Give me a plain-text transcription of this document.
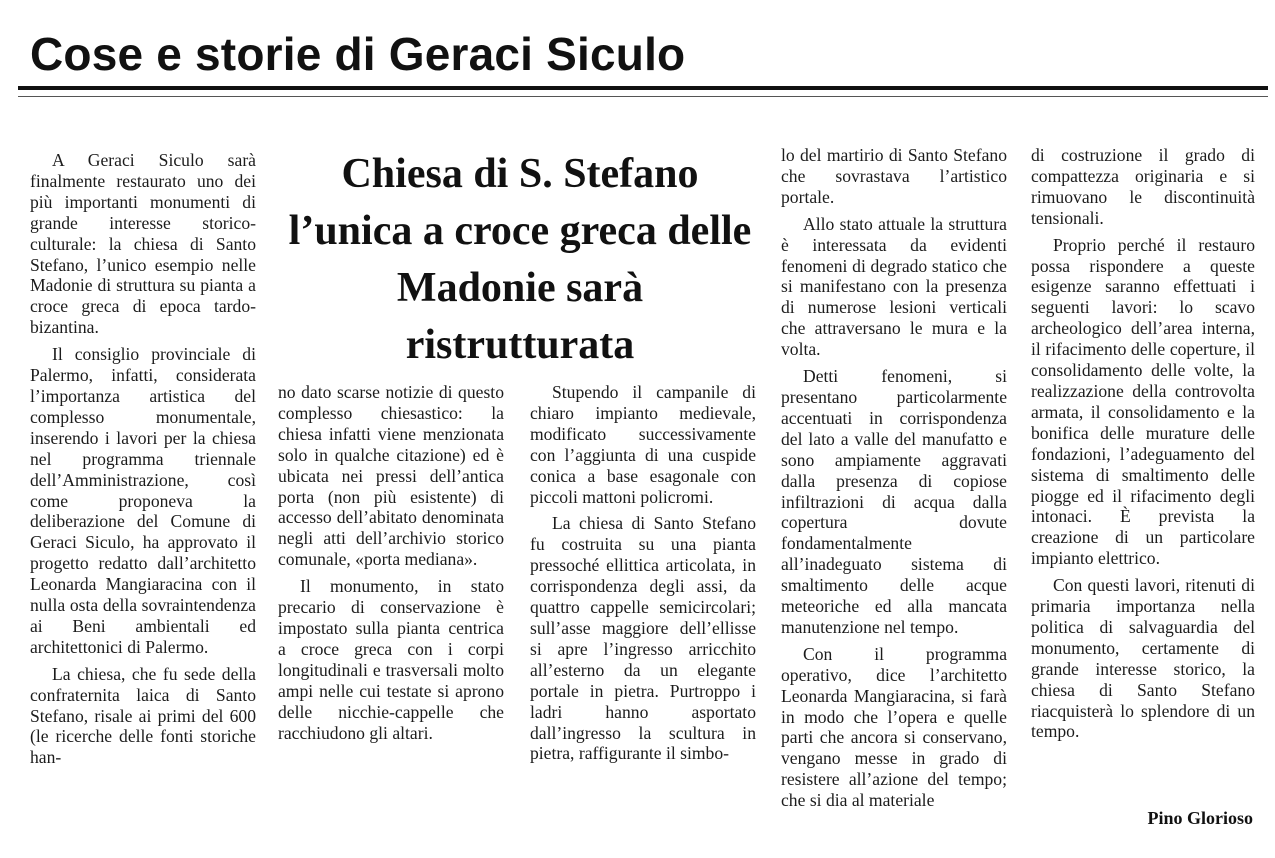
Cose e storie di Geraci Siculo
Chiesa di S. Stefano l’unica a croce greca delle Madonie sarà ristrutturata

A Geraci Siculo sarà finalmente restaurato uno dei più importanti monumenti di grande interesse storico-culturale: la chiesa di Santo Stefano, l’unico esempio nelle Madonie di struttura su pianta a croce greca di epoca tardo-bizantina.

Il consiglio provinciale di Palermo, infatti, considerata l’importanza artistica del complesso monumentale, inserendo i lavori per la chiesa nel programma triennale dell’Amministrazione, così come proponeva la deliberazione del Comune di Geraci Siculo, ha approvato il progetto redatto dall’architetto Leonarda Mangiaracina con il nulla osta della sovraintendenza ai Beni ambientali ed architettonici di Palermo.

La chiesa, che fu sede della confraternita laica di Santo Stefano, risale ai primi del 600 (le ricerche delle fonti storiche han-

no dato scarse notizie di questo complesso chiesastico: la chiesa infatti viene menzionata solo in qualche citazione) ed è ubicata nei pressi dell’antica porta (non più esistente) di accesso dell’abitato denominata negli atti dell’archivio storico comunale, «porta mediana».

Il monumento, in stato precario di conservazione è impostato sulla pianta centrica a croce greca con i corpi longitudinali e trasversali molto ampi nelle cui testate si aprono delle nicchie-cappelle che racchiudono gli altari.

Stupendo il campanile di chiaro impianto medievale, modificato successivamente con l’aggiunta di una cuspide conica a base esagonale con piccoli mattoni policromi.

La chiesa di Santo Stefano fu costruita su una pianta pressoché ellittica articolata, in corrispondenza degli assi, da quattro cappelle semicircolari; sull’asse maggiore dell’ellisse si apre l’ingresso arricchito all’esterno da un elegante portale in pietra. Purtroppo i ladri hanno asportato dall’ingresso la scultura in pietra, raffigurante il simbo-

lo del martirio di Santo Stefano che sovrastava l’artistico portale.

Allo stato attuale la struttura è interessata da evidenti fenomeni di degrado statico che si manifestano con la presenza di numerose lesioni verticali che attraversano le mura e la volta.

Detti fenomeni, si presentano particolarmente accentuati in corrispondenza del lato a valle del manufatto e sono ampiamente aggravati dalla presenza di copiose infiltrazioni di acqua dalla copertura dovute fondamentalmente all’inadeguato sistema di smaltimento delle acque meteoriche ed alla mancata manutenzione nel tempo.

Con il programma operativo, dice l’architetto Leonarda Mangiaracina, si farà in modo che l’opera e quelle parti che ancora si conservano, vengano messe in grado di resistere all’azione del tempo; che si dia al materiale

di costruzione il grado di compattezza originaria e si rimuovano le discontinuità tensionali.

Proprio perché il restauro possa rispondere a queste esigenze saranno effettuati i seguenti lavori: lo scavo archeologico dell’area interna, il rifacimento delle coperture, il consolidamento delle volte, la realizzazione della controvolta armata, il consolidamento e la bonifica delle murature delle fondazioni, l’adeguamento del sistema di smaltimento delle piogge ed il rifacimento degli intonaci. È prevista la creazione di un particolare impianto elettrico.

Con questi lavori, ritenuti di primaria importanza nella politica di salvaguardia del monumento, certamente di grande interesse storico, la chiesa di Santo Stefano riacquisterà lo splendore di un tempo.

Pino Glorioso
